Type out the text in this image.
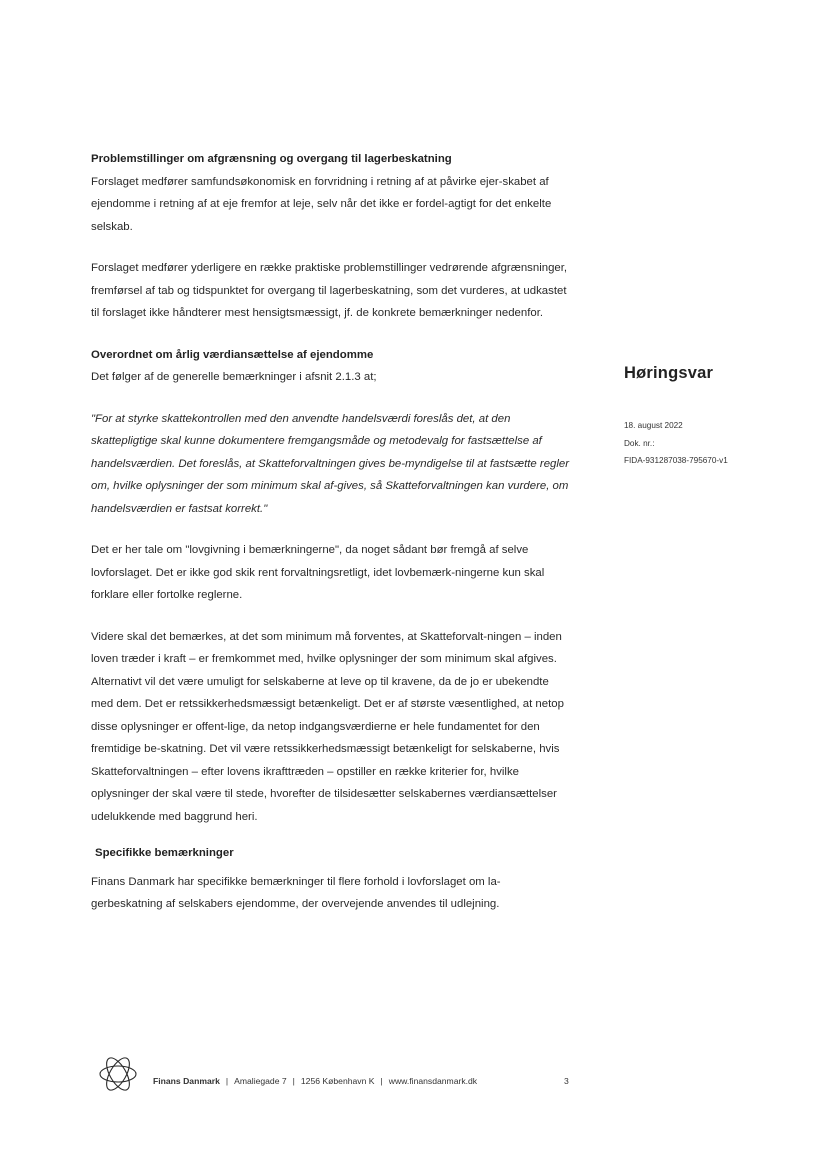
Problemstillinger om afgrænsning og overgang til lagerbeskatning

Forslaget medfører samfundsøkonomisk en forvridning i retning af at påvirke ejer-skabet af ejendomme i retning af at eje fremfor at leje, selv når det ikke er fordel-agtigt for det enkelte selskab.

Forslaget medfører yderligere en række praktiske problemstillinger vedrørende afgrænsninger, fremførsel af tab og tidspunktet for overgang til lagerbeskatning, som det vurderes, at udkastet til forslaget ikke håndterer mest hensigtsmæssigt, jf. de konkrete bemærkninger nedenfor.

Overordnet om årlig værdiansættelse af ejendomme

Det følger af de generelle bemærkninger i afsnit 2.1.3 at;

"For at styrke skattekontrollen med den anvendte handelsværdi foreslås det, at den skattepligtige skal kunne dokumentere fremgangsmåde og metodevalg for fastsættelse af handelsværdien. Det foreslås, at Skatteforvaltningen gives be-myndigelse til at fastsætte regler om, hvilke oplysninger der som minimum skal af-gives, så Skatteforvaltningen kan vurdere, om handelsværdien er fastsat korrekt."

Det er her tale om "lovgivning i bemærkningerne", da noget sådant bør fremgå af selve lovforslaget. Det er ikke god skik rent forvaltningsretligt, idet lovbemærk-ningerne kun skal forklare eller fortolke reglerne.

Videre skal det bemærkes, at det som minimum må forventes, at Skatteforvalt-ningen – inden loven træder i kraft – er fremkommet med, hvilke oplysninger der som minimum skal afgives. Alternativt vil det være umuligt for selskaberne at leve op til kravene, da de jo er ubekendte med dem. Det er retssikkerhedsmæssigt betænkeligt. Det er af største væsentlighed, at netop disse oplysninger er offent-lige, da netop indgangsværdierne er hele fundamentet for den fremtidige be-skatning. Det vil være retssikkerhedsmæssigt betænkeligt for selskaberne, hvis Skatteforvaltningen – efter lovens ikrafttræden – opstiller en række kriterier for, hvilke oplysninger der skal være til stede, hvorefter de tilsidesætter selskabernes værdiansættelser udelukkende med baggrund heri.

Specifikke bemærkninger

Finans Danmark har specifikke bemærkninger til flere forhold i lovforslaget om la-gerbeskatning af selskabers ejendomme, der overvejende anvendes til udlejning.

Høringsvar
18. august 2022
Dok. nr.:
FIDA-931287038-795670-v1
Finans Danmark | Amaliegade 7 | 1256 København K | www.finansdanmark.dk	3
